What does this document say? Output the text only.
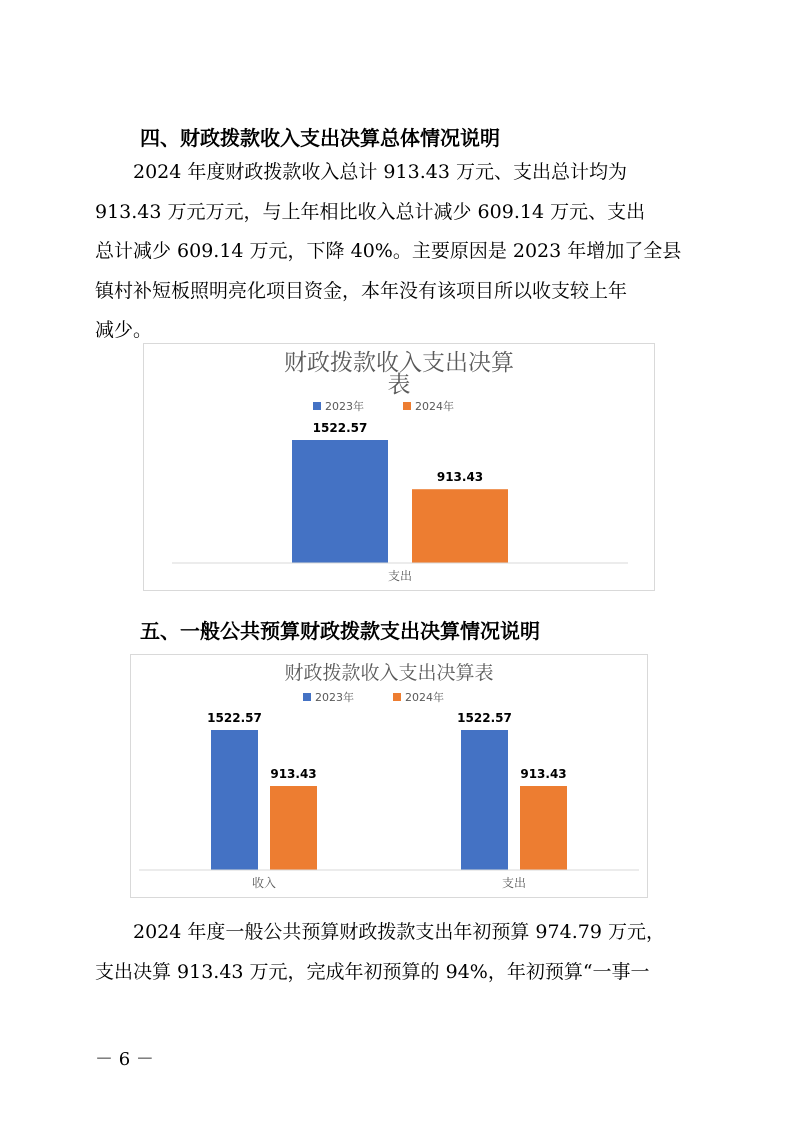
四、财政拨款收入支出决算总体情况说明
　　2024 年度财政拨款收入总计 913.43 万元、支出总计均为
913.43 万元万元，与上年相比收入总计减少 609.14 万元、支出
总计减少 609.14 万元，下降 40%。主要原因是 2023 年增加了全县
镇村补短板照明亮化项目资金，本年没有该项目所以收支较上年
减少。
财政拨款收入支出决算
表
2023年	2024年
1522.57
913.43
支出
五、一般公共预算财政拨款支出决算情况说明
财政拨款收入支出决算表
2023年	2024年
1522.57
913.43
收入
1522.57
913.43
支出
　　2024 年度一般公共预算财政拨款支出年初预算 974.79 万元，
支出决算 913.43 万元，完成年初预算的 94%，年初预算“一事一
－ 6 －
